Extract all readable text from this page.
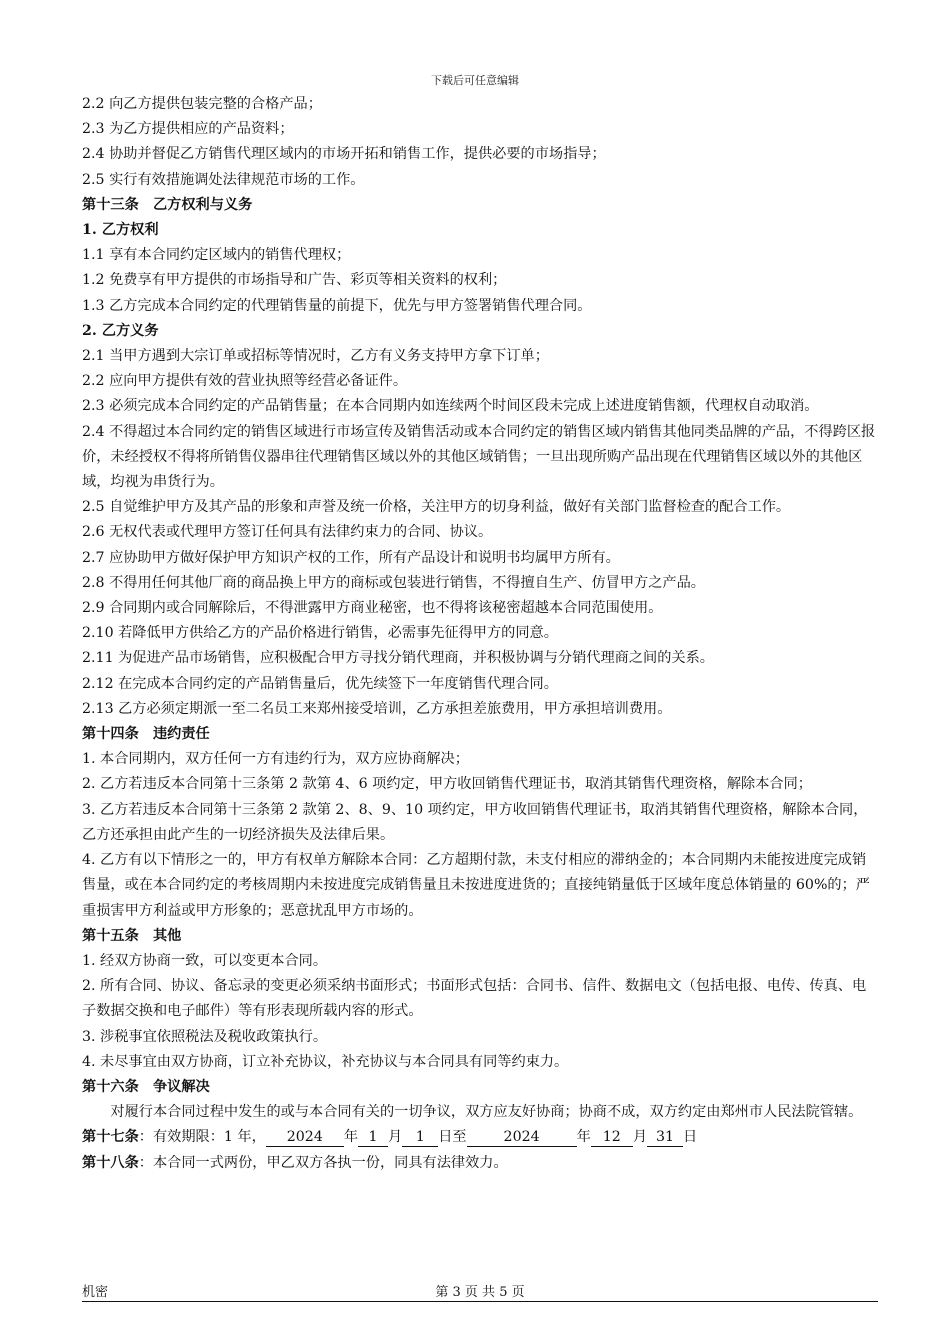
下载后可任意编辑
2.2 向乙方提供包装完整的合格产品；
2.3 为乙方提供相应的产品资料；
2.4 协助并督促乙方销售代理区域内的市场开拓和销售工作，提供必要的市场指导；
2.5 实行有效措施调处法律规范市场的工作。
第十三条　乙方权利与义务
1. 乙方权利
1.1 享有本合同约定区域内的销售代理权；
1.2 免费享有甲方提供的市场指导和广告、彩页等相关资料的权利；
1.3 乙方完成本合同约定的代理销售量的前提下，优先与甲方签署销售代理合同。
2. 乙方义务
2.1 当甲方遇到大宗订单或招标等情况时，乙方有义务支持甲方拿下订单；
2.2 应向甲方提供有效的营业执照等经营必备证件。
2.3 必须完成本合同约定的产品销售量；在本合同期内如连续两个时间区段未完成上述进度销售额，代理权自动取消。
2.4 不得超过本合同约定的销售区域进行市场宣传及销售活动或本合同约定的销售区域内销售其他同类品牌的产品，不得跨区报价，未经授权不得将所销售仪器串往代理销售区域以外的其他区域销售；一旦出现所购产品出现在代理销售区域以外的其他区域，均视为串货行为。
2.5 自觉维护甲方及其产品的形象和声誉及统一价格，关注甲方的切身利益，做好有关部门监督检查的配合工作。
2.6 无权代表或代理甲方签订任何具有法律约束力的合同、协议。
2.7 应协助甲方做好保护甲方知识产权的工作，所有产品设计和说明书均属甲方所有。
2.8 不得用任何其他厂商的商品换上甲方的商标或包装进行销售，不得擅自生产、仿冒甲方之产品。
2.9 合同期内或合同解除后，不得泄露甲方商业秘密，也不得将该秘密超越本合同范围使用。
2.10 若降低甲方供给乙方的产品价格进行销售，必需事先征得甲方的同意。
2.11 为促进产品市场销售，应积极配合甲方寻找分销代理商，并积极协调与分销代理商之间的关系。
2.12 在完成本合同约定的产品销售量后，优先续签下一年度销售代理合同。
2.13 乙方必须定期派一至二名员工来郑州接受培训，乙方承担差旅费用，甲方承担培训费用。
第十四条　违约责任
1. 本合同期内，双方任何一方有违约行为，双方应协商解决；
2. 乙方若违反本合同第十三条第 2 款第 4、6 项约定，甲方收回销售代理证书，取消其销售代理资格，解除本合同；
3. 乙方若违反本合同第十三条第 2 款第 2、8、9、10 项约定，甲方收回销售代理证书，取消其销售代理资格，解除本合同，乙方还承担由此产生的一切经济损失及法律后果。
4. 乙方有以下情形之一的，甲方有权单方解除本合同：乙方超期付款，未支付相应的滞纳金的；本合同期内未能按进度完成销售量，或在本合同约定的考核周期内未按进度完成销售量且未按进度进货的；直接纯销量低于区域年度总体销量的 60%的；严重损害甲方利益或甲方形象的；恶意扰乱甲方市场的。
第十五条　其他
1. 经双方协商一致，可以变更本合同。
2. 所有合同、协议、备忘录的变更必须采纳书面形式；书面形式包括：合同书、信件、数据电文（包括电报、电传、传真、电子数据交换和电子邮件）等有形表现所载内容的形式。
3. 涉税事宜依照税法及税收政策执行。
4. 未尽事宜由双方协商，订立补充协议，补充协议与本合同具有同等约束力。
第十六条　争议解决
对履行本合同过程中发生的或与本合同有关的一切争议，双方应友好协商；协商不成，双方约定由郑州市人民法院管辖。
第十七条：有效期限：1 年， 2024 年 1 月 1 日至	2024	年 12 月 31 日
第十八条：本合同一式两份，甲乙双方各执一份，同具有法律效力。
机密	第 3 页 共 5 页
